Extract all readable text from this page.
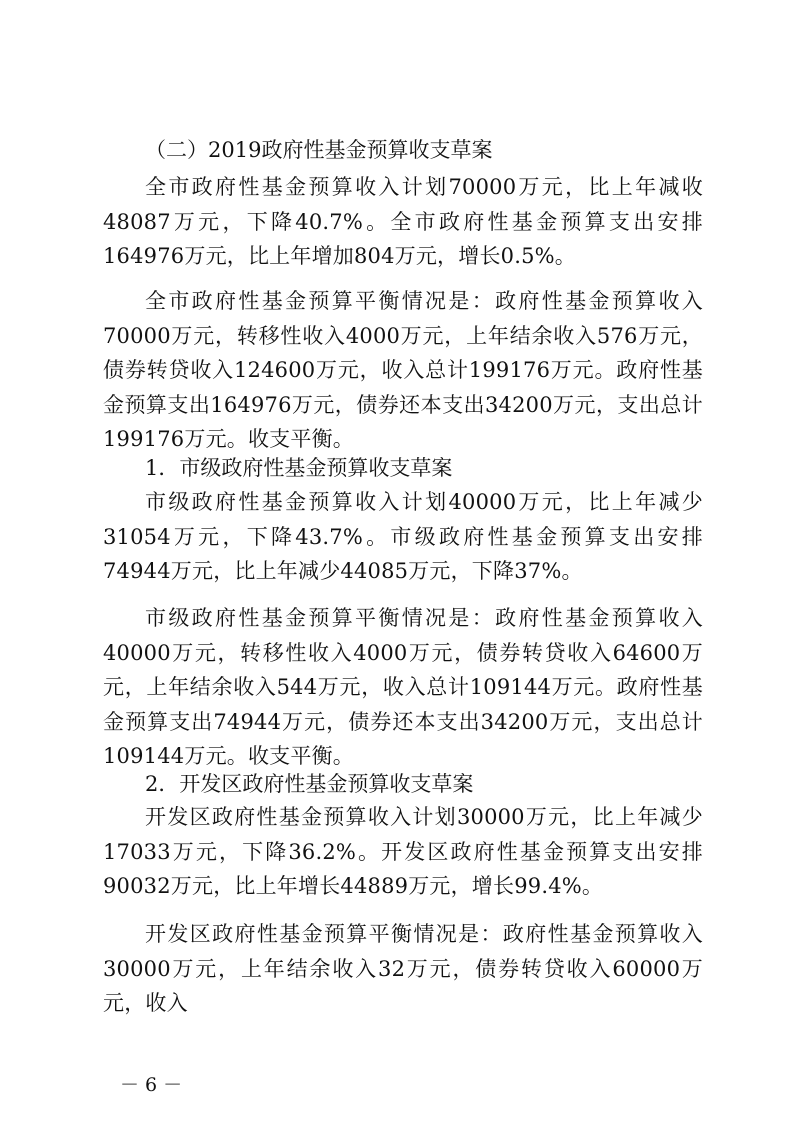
（二）2019政府性基金预算收支草案

全市政府性基金预算收入计划70000万元，比上年减收48087万元，下降40.7%。全市政府性基金预算支出安排164976万元，比上年增加804万元，增长0.5%。

全市政府性基金预算平衡情况是：政府性基金预算收入70000万元，转移性收入4000万元，上年结余收入576万元，债券转贷收入124600万元，收入总计199176万元。政府性基金预算支出164976万元，债券还本支出34200万元，支出总计199176万元。收支平衡。

1．市级政府性基金预算收支草案

市级政府性基金预算收入计划40000万元，比上年减少31054万元，下降43.7%。市级政府性基金预算支出安排74944万元，比上年减少44085万元，下降37%。

市级政府性基金预算平衡情况是：政府性基金预算收入40000万元，转移性收入4000万元，债券转贷收入64600万元，上年结余收入544万元，收入总计109144万元。政府性基金预算支出74944万元，债券还本支出34200万元，支出总计109144万元。收支平衡。

2．开发区政府性基金预算收支草案

开发区政府性基金预算收入计划30000万元，比上年减少17033万元，下降36.2%。开发区政府性基金预算支出安排90032万元，比上年增长44889万元，增长99.4%。

开发区政府性基金预算平衡情况是：政府性基金预算收入30000万元，上年结余收入32万元，债券转贷收入60000万元，收入

－ 6 －
